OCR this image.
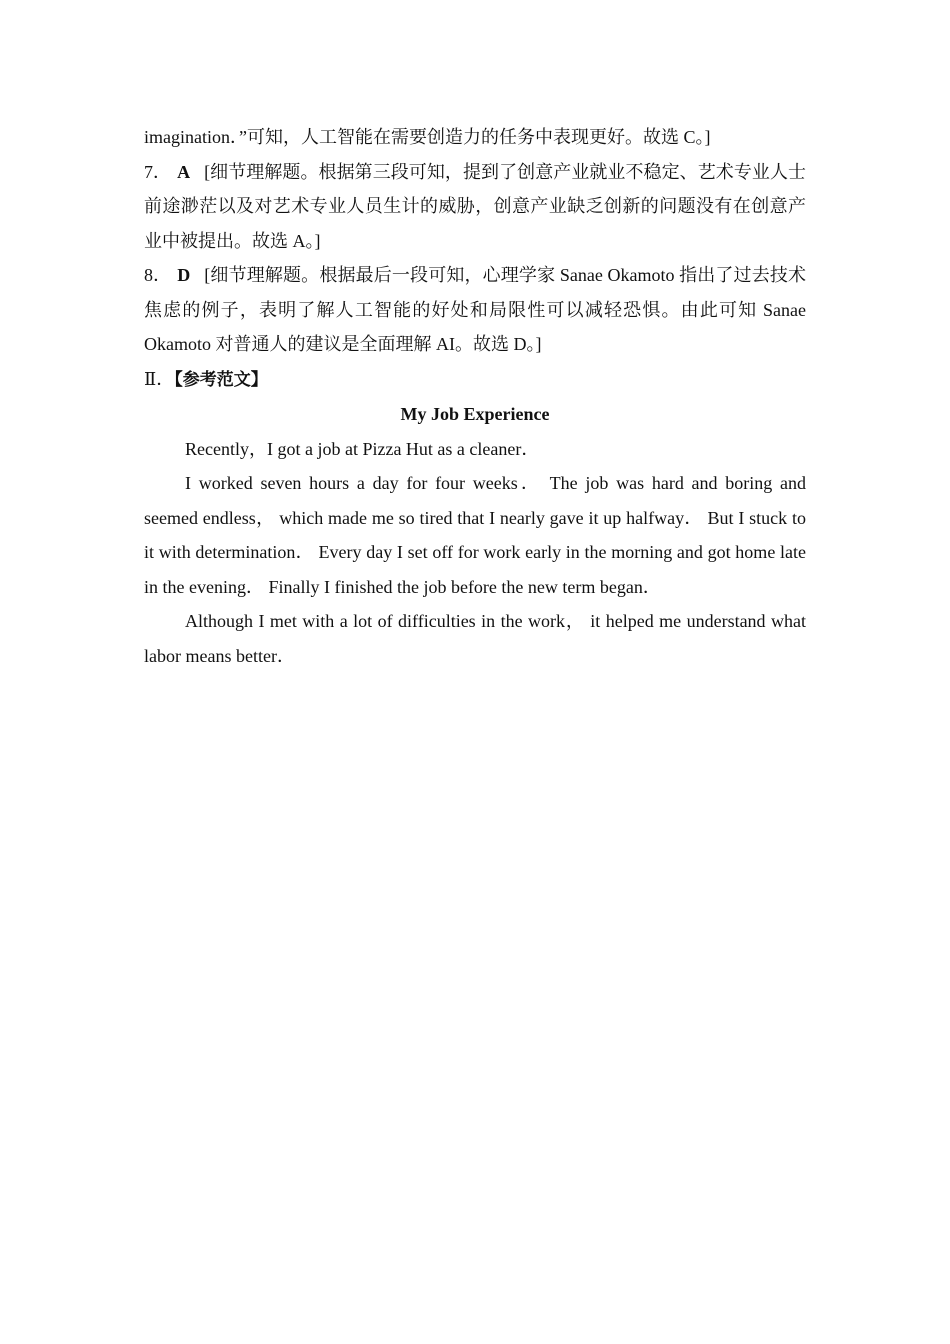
imagination．”可知，人工智能在需要创造力的任务中表现更好。故选 C。]

7． A [细节理解题。根据第三段可知，提到了创意产业就业不稳定、艺术专业人士前途渺茫以及对艺术专业人员生计的威胁，创意产业缺乏创新的问题没有在创意产业中被提出。故选 A。]

8． D [细节理解题。根据最后一段可知，心理学家 Sanae Okamoto 指出了过去技术焦虑的例子，表明了解人工智能的好处和局限性可以减轻恐惧。由此可知 Sanae Okamoto 对普通人的建议是全面理解 AI。故选 D。]

Ⅱ．【参考范文】

My Job Experience

Recently，I got a job at Pizza Hut as a cleaner．

I worked seven hours a day for four weeks． The job was hard and boring and seemed endless， which made me so tired that I nearly gave it up halfway． But I stuck to it with determination． Every day I set off for work early in the morning and got home late in the evening． Finally I finished the job before the new term began．

Although I met with a lot of difficulties in the work， it helped me understand what labor means better．
